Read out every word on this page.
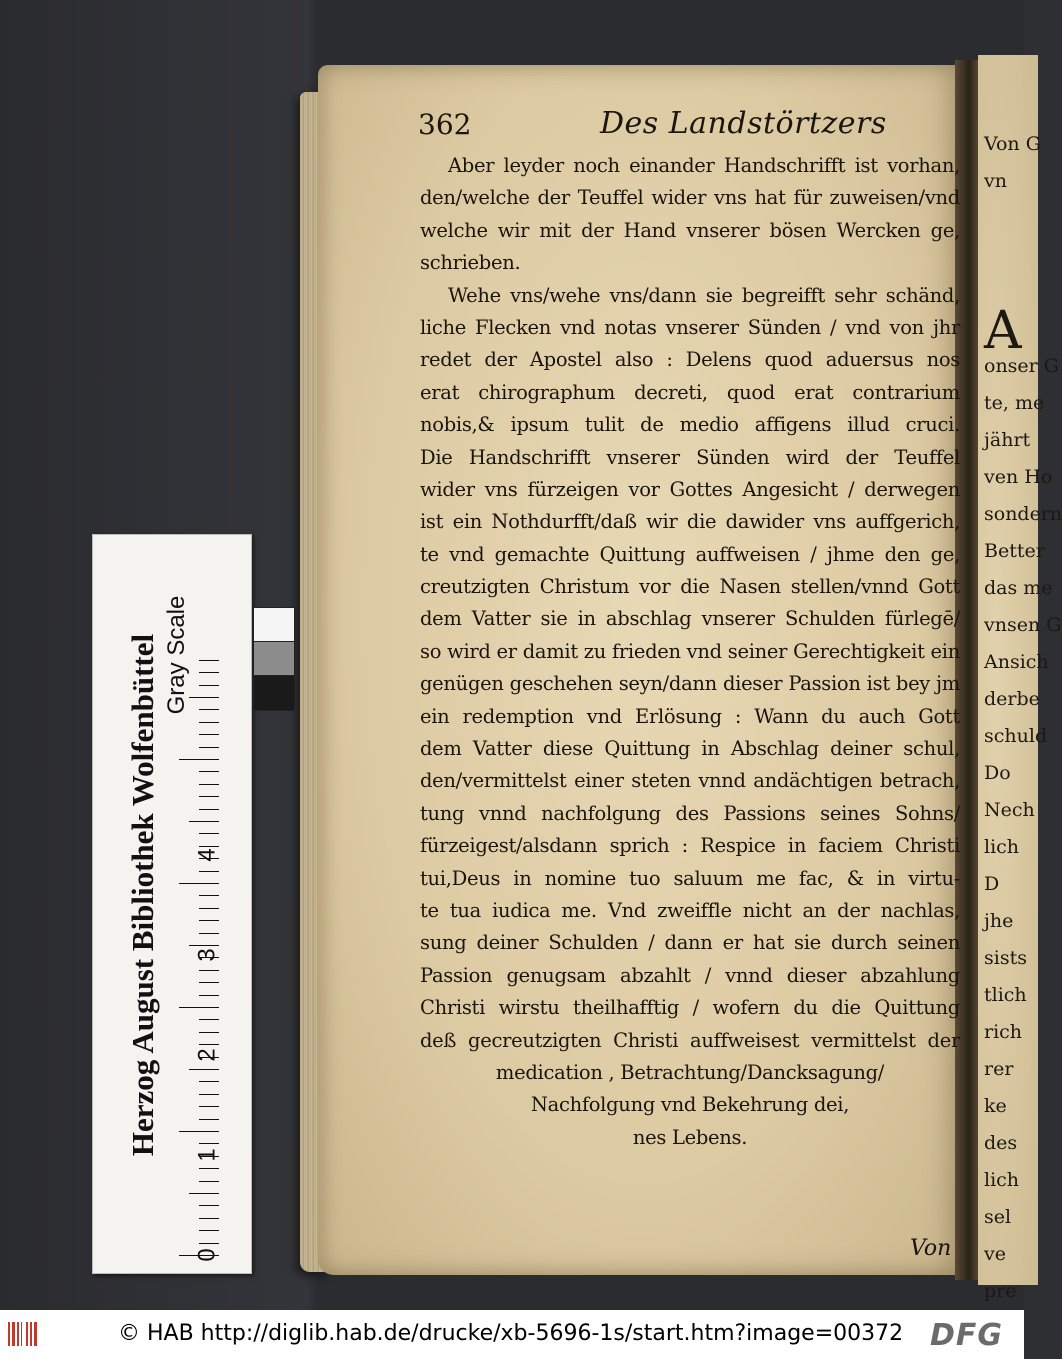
Von G
vn
A
onser G
te, me
jährt
ven Ho
sondern
Better
das me
vnsen G
Ansich
derbe
schuld
Do
Nech
lich
D
jhe
sists
tlich
rich
rer
ke
des
lich
sel
ve
pre
362	Des Landstörtzers
Aber leyder noch einander Handschrifft ist vorhan,
den/welche der Teuffel wider vns hat für zuweisen/vnd
welche wir mit der Hand vnserer bösen Wercken ge,
schrieben.
Wehe vns/wehe vns/dann sie begreifft sehr schänd,
liche Flecken vnd notas vnserer Sünden / vnd von jhr
redet der Apostel also : Delens quod aduersus nos
erat chirographum decreti, quod erat contrarium
nobis,& ipsum tulit de medio affigens illud cruci.
Die Handschrifft vnserer Sünden wird der Teuffel
wider vns fürzeigen vor Gottes Angesicht / derwegen
ist ein Nothdurfft/daß wir die dawider vns auffgerich,
te vnd gemachte Quittung auffweisen / jhme den ge,
creutzigten Christum vor die Nasen stellen/vnnd Gott
dem Vatter sie in abschlag vnserer Schulden fürlegē/
so wird er damit zu frieden vnd seiner Gerechtigkeit ein
genügen geschehen seyn/dann dieser Passion ist bey jm
ein redemption vnd Erlösung : Wann du auch Gott
dem Vatter diese Quittung in Abschlag deiner schul,
den/vermittelst einer steten vnnd andächtigen betrach,
tung vnnd nachfolgung des Passions seines Sohns/
fürzeigest/alsdann sprich : Respice in faciem Christi
tui,Deus in nomine tuo saluum me fac, & in virtu-
te tua iudica me. Vnd zweiffle nicht an der nachlas,
sung deiner Schulden / dann er hat sie durch seinen
Passion genugsam abzahlt / vnnd dieser abzahlung
Christi wirstu theilhafftig / wofern du die Quittung
deß gecreutzigten Christi auffweisest vermittelst der
medication , Betrachtung/Dancksagung/
Nachfolgung vnd Bekehrung dei,
nes Lebens.
Von
Herzog August Bibliothek Wolfenbüttel Gray Scale
0
1
2
3
4
© HAB http://diglib.hab.de/drucke/xb-5696-1s/start.htm?image=00372 DFG
